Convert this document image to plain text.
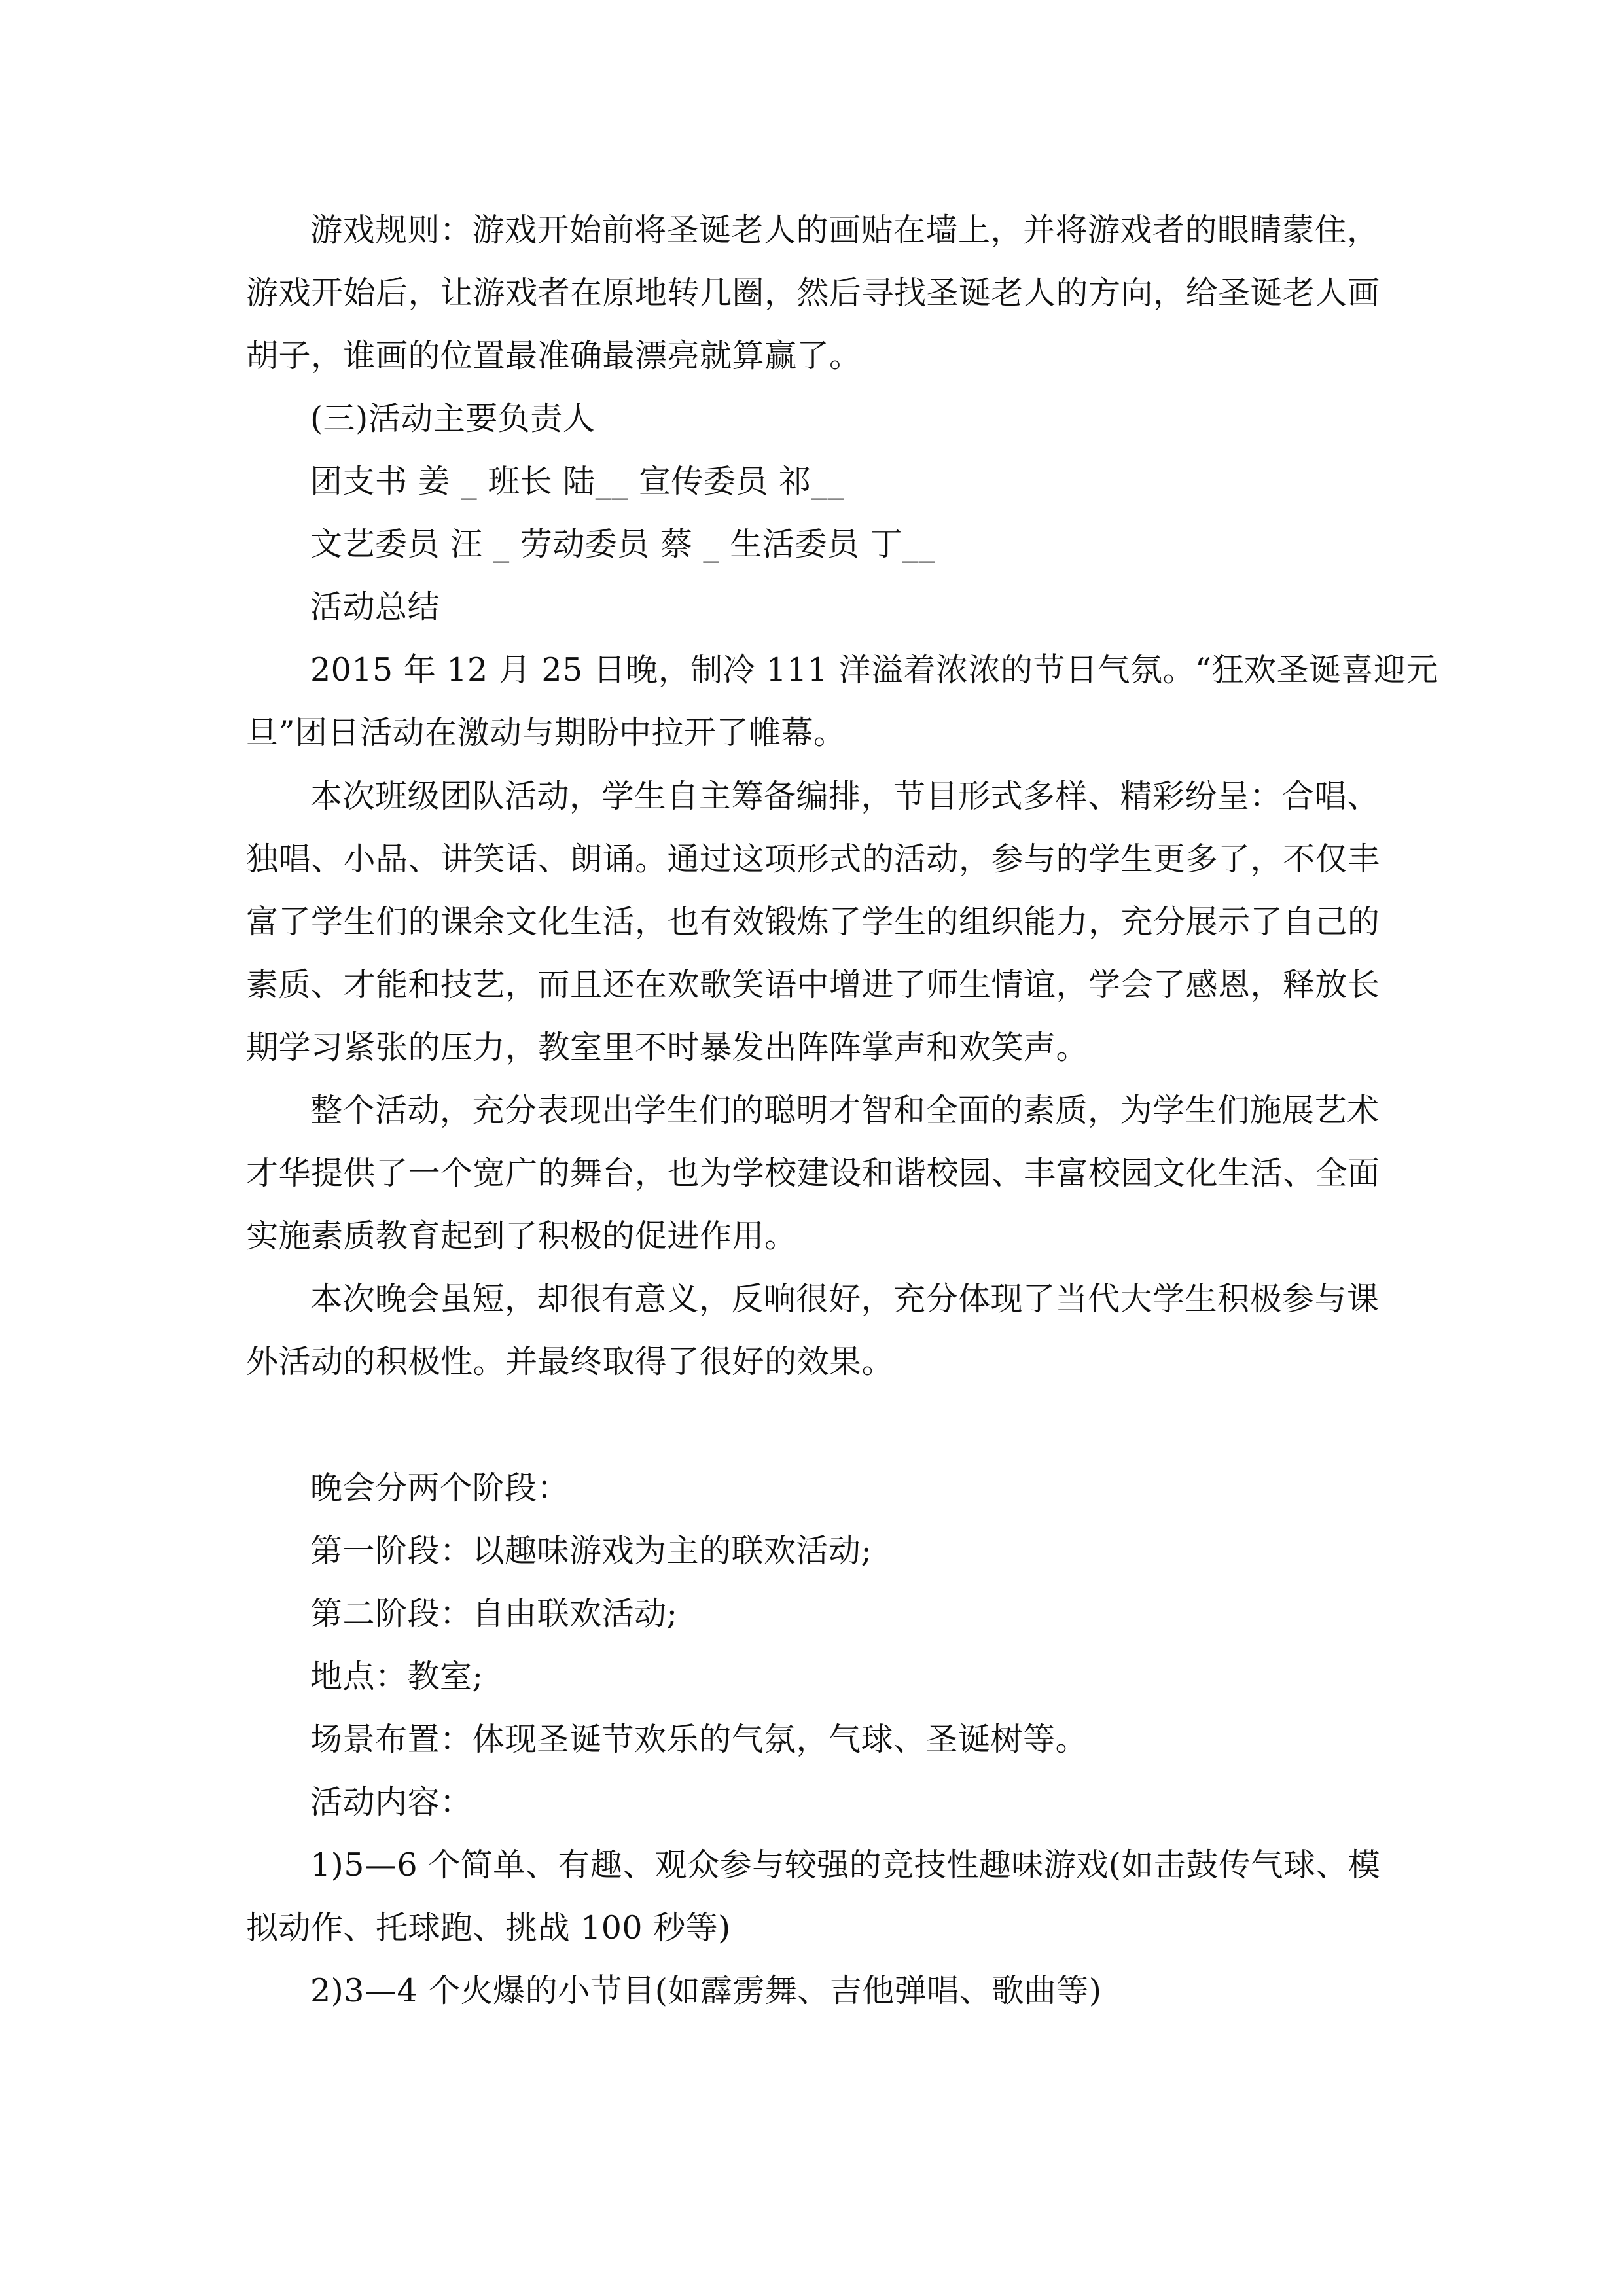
游戏规则：游戏开始前将圣诞老人的画贴在墙上，并将游戏者的眼睛蒙住，
游戏开始后，让游戏者在原地转几圈，然后寻找圣诞老人的方向，给圣诞老人画
胡子，谁画的位置最准确最漂亮就算赢了。
(三)活动主要负责人
团支书 姜 _ 班长 陆__ 宣传委员 祁__
文艺委员 汪 _ 劳动委员 蔡 _ 生活委员 丁__
活动总结
2015 年 12 月 25 日晚，制冷 111 洋溢着浓浓的节日气氛。“狂欢圣诞喜迎元
旦”团日活动在激动与期盼中拉开了帷幕。
本次班级团队活动，学生自主筹备编排，节目形式多样、精彩纷呈：合唱、
独唱、小品、讲笑话、朗诵。通过这项形式的活动，参与的学生更多了，不仅丰
富了学生们的课余文化生活，也有效锻炼了学生的组织能力，充分展示了自己的
素质、才能和技艺，而且还在欢歌笑语中增进了师生情谊，学会了感恩，释放长
期学习紧张的压力，教室里不时暴发出阵阵掌声和欢笑声。
整个活动，充分表现出学生们的聪明才智和全面的素质，为学生们施展艺术
才华提供了一个宽广的舞台，也为学校建设和谐校园、丰富校园文化生活、全面
实施素质教育起到了积极的促进作用。
本次晚会虽短，却很有意义，反响很好，充分体现了当代大学生积极参与课
外活动的积极性。并最终取得了很好的效果。
晚会分两个阶段：
第一阶段：以趣味游戏为主的联欢活动;
第二阶段：自由联欢活动;
地点：教室;
场景布置：体现圣诞节欢乐的气氛，气球、圣诞树等。
活动内容：
1)5—6 个简单、有趣、观众参与较强的竞技性趣味游戏(如击鼓传气球、模
拟动作、托球跑、挑战 100 秒等)
2)3—4 个火爆的小节目(如霹雳舞、吉他弹唱、歌曲等)
